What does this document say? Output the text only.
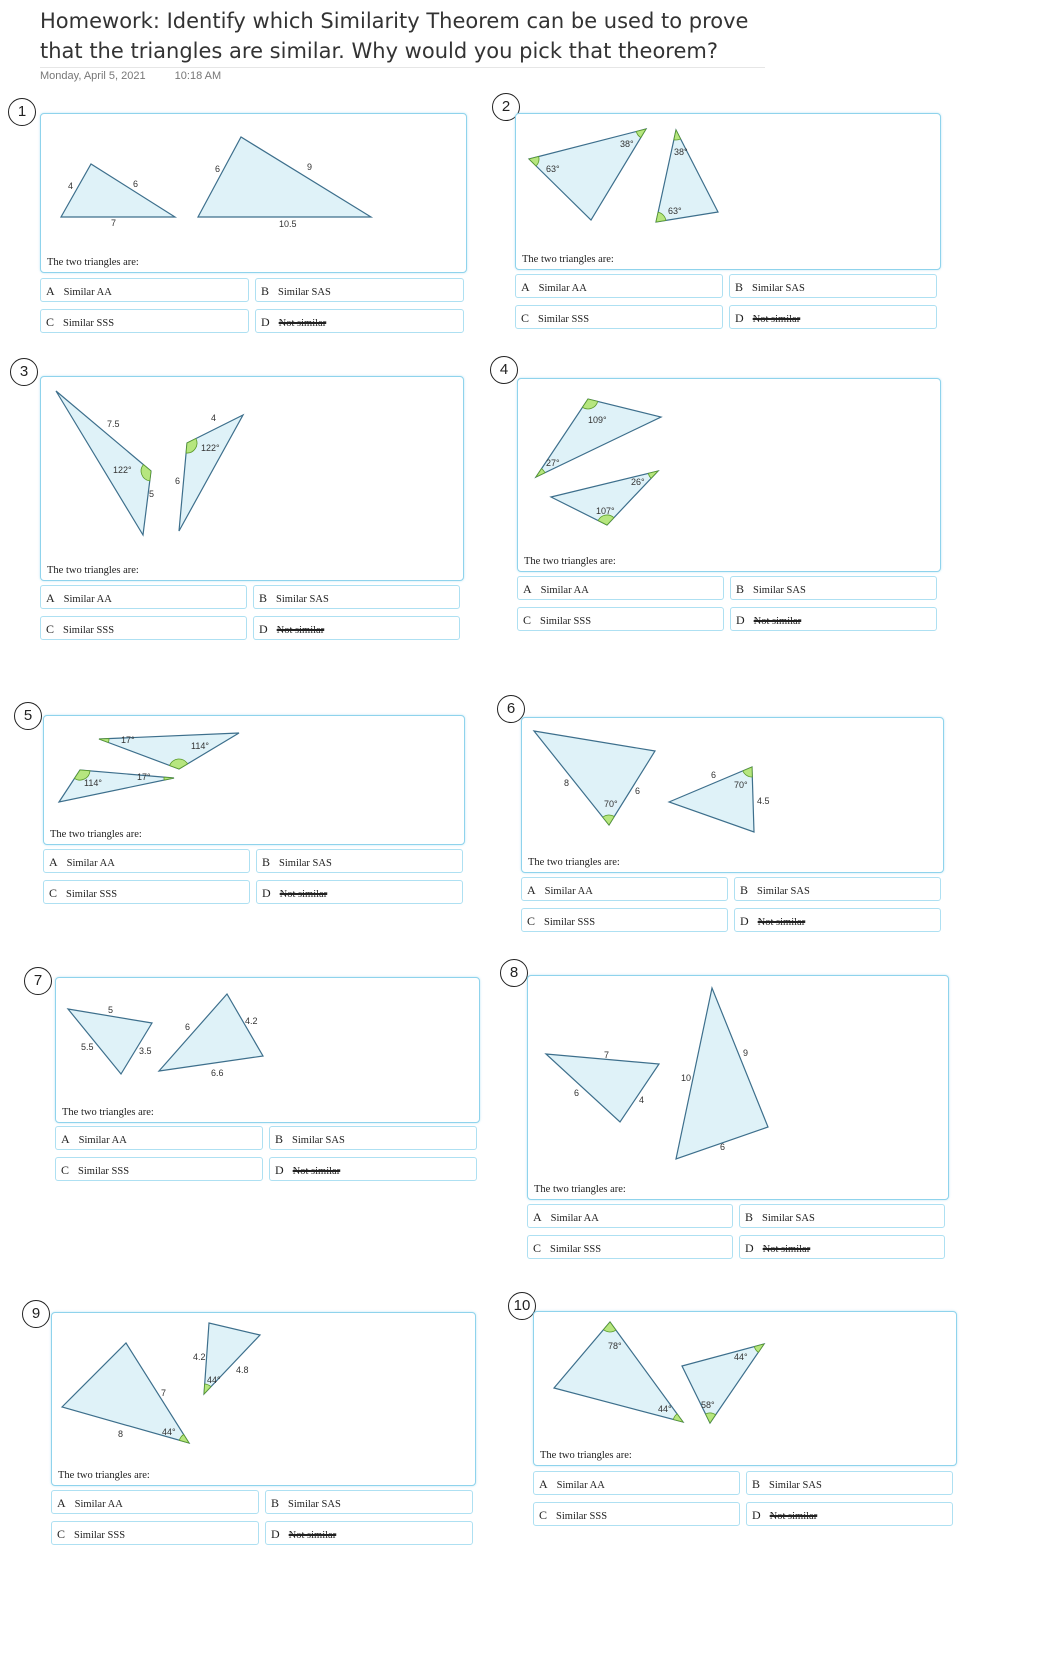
Homework: Identify which Similarity Theorem can be used to prove that the triangles are similar. Why would you pick that theorem?
Monday, April 5, 2021	10:18 AM
1
4	6
7
6	9
10.5
The two triangles are:
A Similar AA	B Similar SAS
C Similar SSS	D Not similar
2
63°
38°
38°
63°
The two triangles are:
A Similar AA	B Similar SAS
C Similar SSS	D Not similar
3
7.5
122°
5
6
4
122°
The two triangles are:
A Similar AA	B Similar SAS
C Similar SSS	D Not similar
4
109°
27°
26°
107°
The two triangles are:
A Similar AA	B Similar SAS
C Similar SSS	D Not similar
5
17°
114°
114°
17°
The two triangles are:
A Similar AA	B Similar SAS
C Similar SSS	D Not similar
6
8
70°
6
6
70°
4.5
The two triangles are:
A Similar AA	B Similar SAS
C Similar SSS	D Not similar
7
5
5.5	3.5
6
4.2
6.6
The two triangles are:
A Similar AA	B Similar SAS
C Similar SSS	D Not similar
8
7
6
4
10
9
6
The two triangles are:
A Similar AA	B Similar SAS
C Similar SSS	D Not similar
9
7
8	44°
4.2
44°
4.8
The two triangles are:
A Similar AA	B Similar SAS
C Similar SSS	D Not similar
10
78°
44°	58°
44°
The two triangles are:
A Similar AA	B Similar SAS
C Similar SSS	D Not similar
